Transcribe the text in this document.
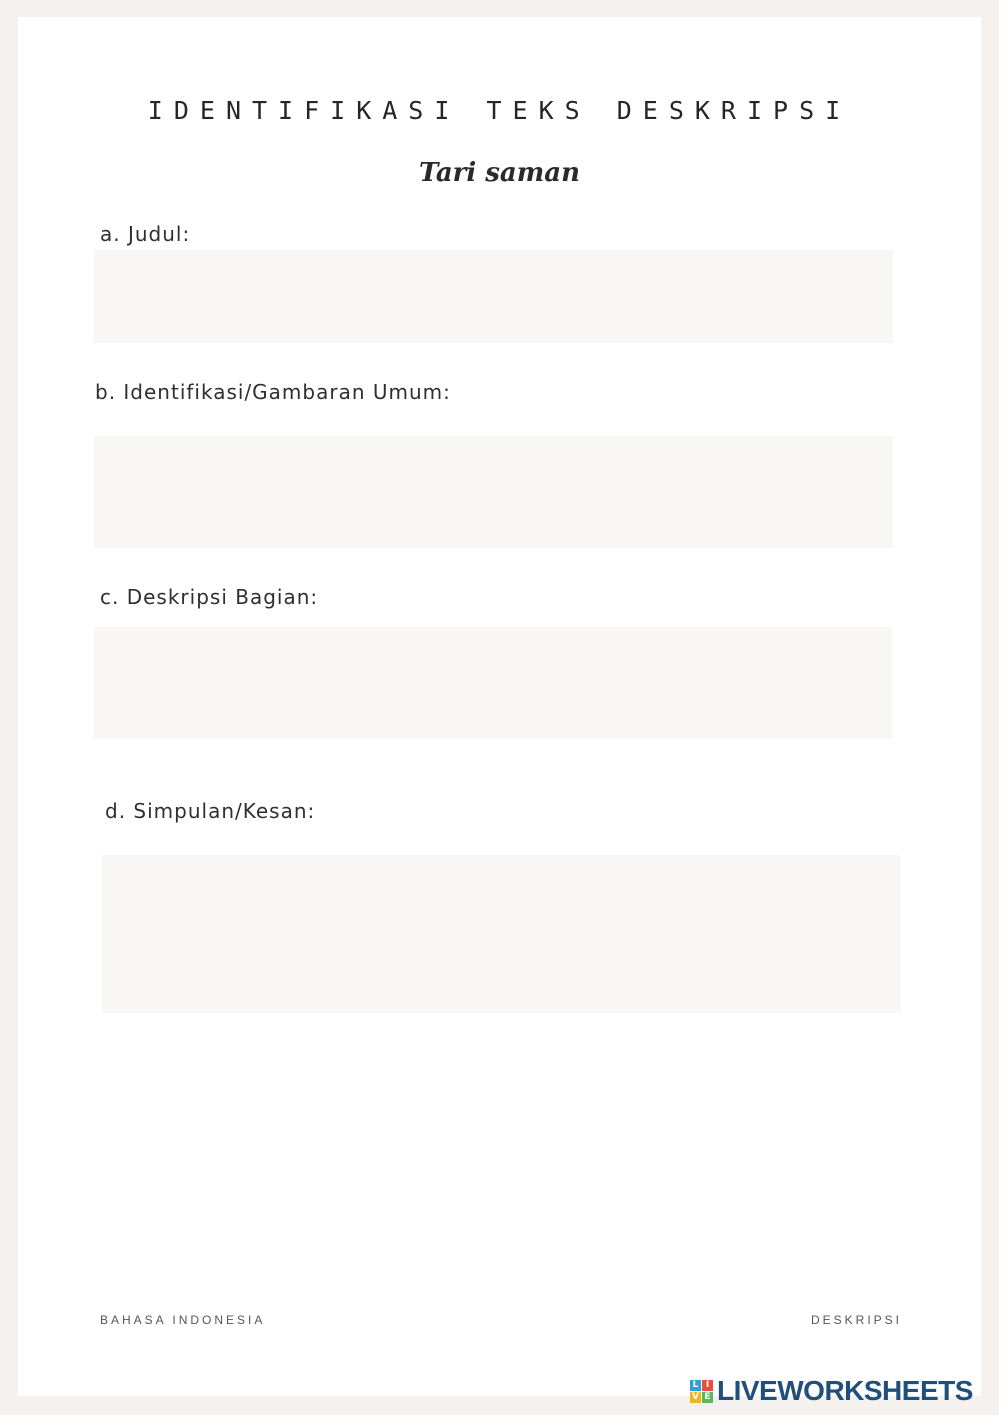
IDENTIFIKASI TEKS DESKRIPSI
Tari saman
a. Judul:
b. Identifikasi/Gambaran Umum:
c. Deskripsi Bagian:
d. Simpulan/Kesan:
BAHASA INDONESIA	DESKRIPSI
L I
V E LIVEWORKSHEETS
